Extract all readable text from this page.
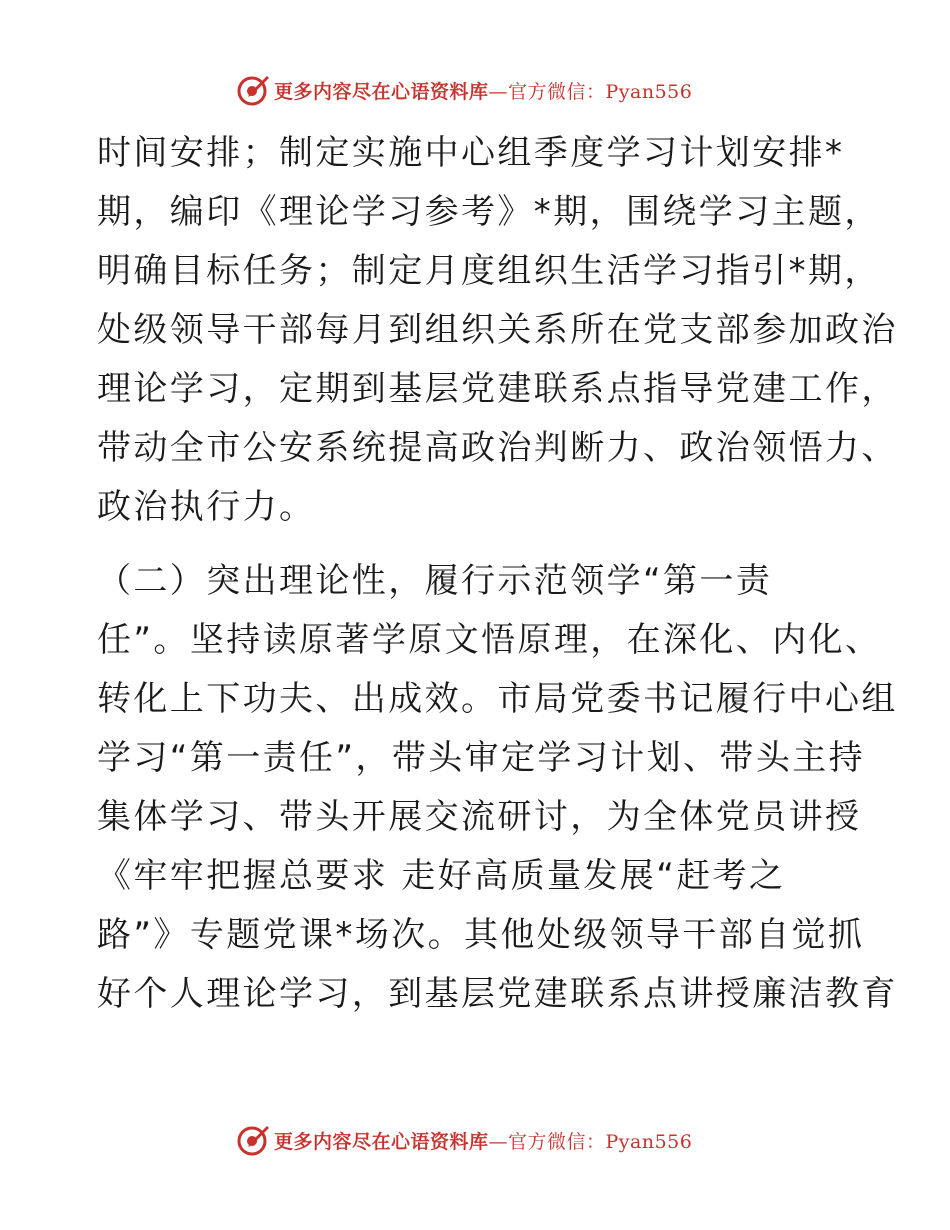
更多内容尽在心语资料库 —官方微信：Pyan556
时间安排；制定实施中心组季度学习计划安排*
期，编印《理论学习参考》*期，围绕学习主题，
明确目标任务；制定月度组织生活学习指引*期，
处级领导干部每月到组织关系所在党支部参加政治
理论学习，定期到基层党建联系点指导党建工作，
带动全市公安系统提高政治判断力、政治领悟力、
政治执行力。
（二）突出理论性，履行示范领学“第一责
任”。坚持读原著学原文悟原理，在深化、内化、
转化上下功夫、出成效。市局党委书记履行中心组
学习“第一责任”，带头审定学习计划、带头主持
集体学习、带头开展交流研讨，为全体党员讲授
《牢牢把握总要求 走好高质量发展“赶考之
路”》专题党课*场次。其他处级领导干部自觉抓
好个人理论学习，到基层党建联系点讲授廉洁教育
更多内容尽在心语资料库 —官方微信：Pyan556
